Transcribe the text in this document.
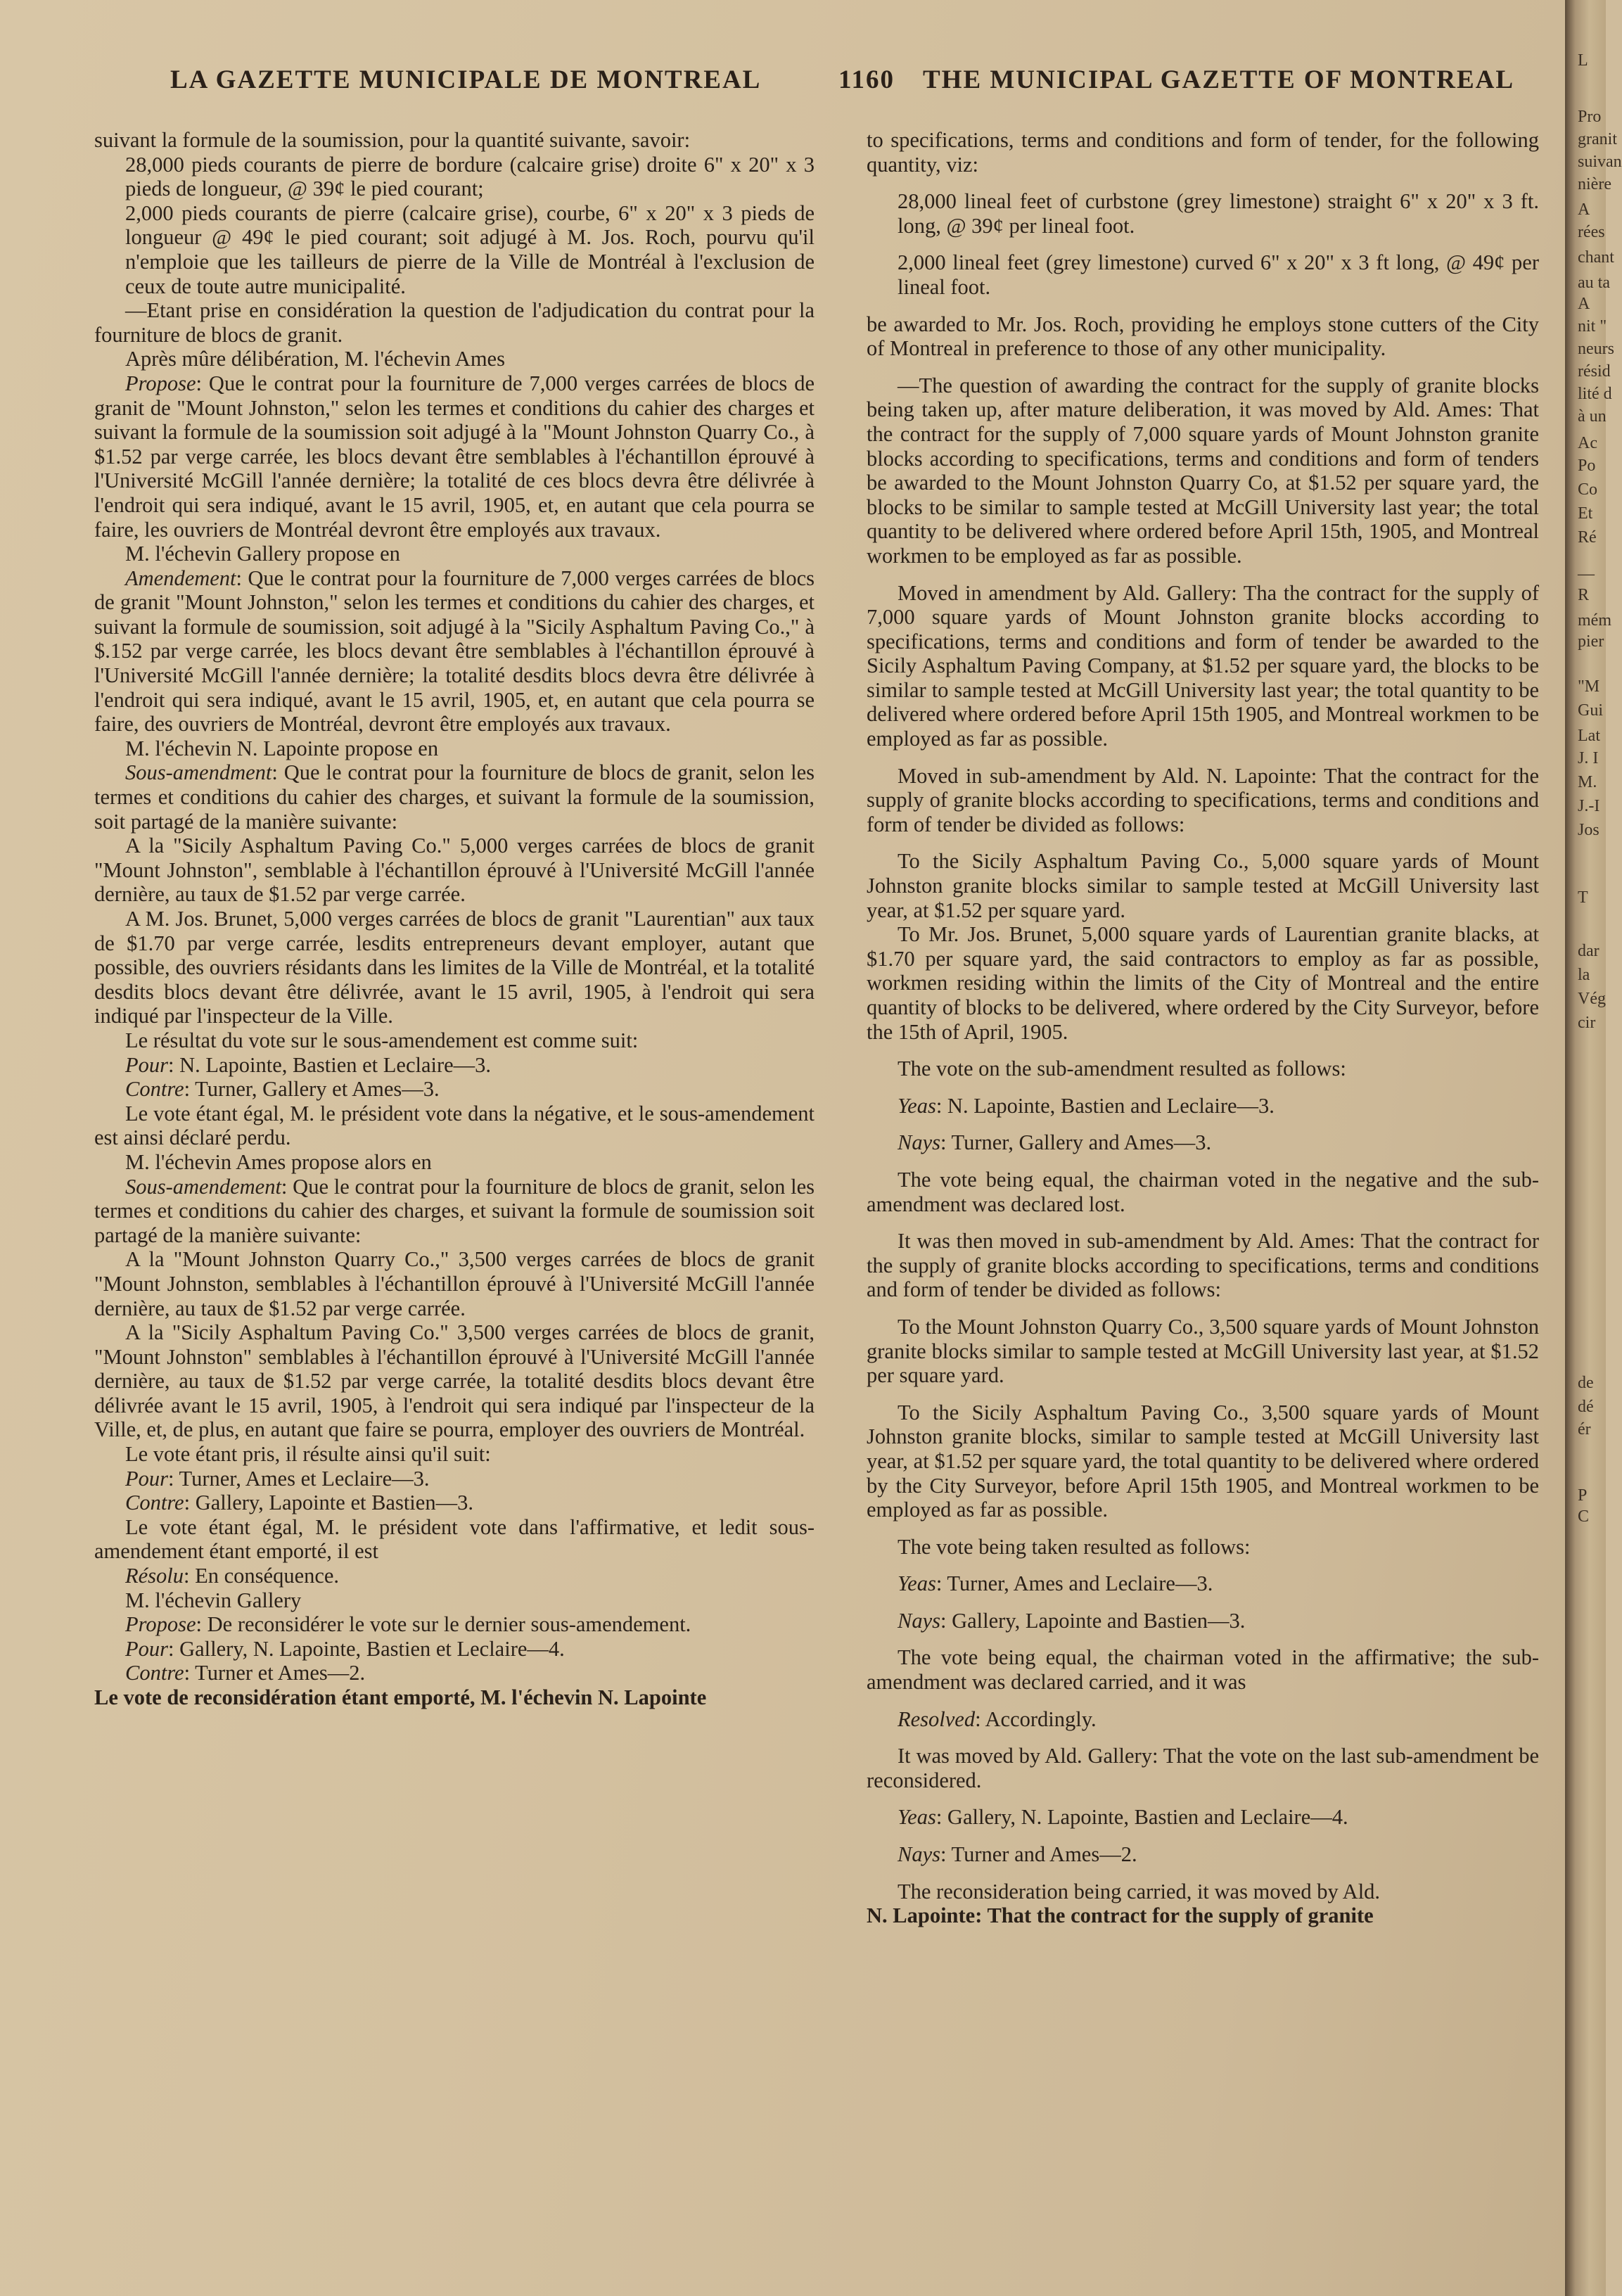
LA GAZETTE MUNICIPALE DE MONTREAL	1160 THE MUNICIPAL GAZETTE OF MONTREAL

suivant la formule de la soumission, pour la quantité suivante, savoir:

28,000 pieds courants de pierre de bordure (calcaire grise) droite 6" x 20" x 3 pieds de longueur, @ 39¢ le pied courant;

2,000 pieds courants de pierre (calcaire grise), courbe, 6" x 20" x 3 pieds de longueur @ 49¢ le pied courant; soit adjugé à M. Jos. Roch, pourvu qu'il n'emploie que les tailleurs de pierre de la Ville de Montréal à l'exclusion de ceux de toute autre municipalité.

—Etant prise en considération la question de l'adjudication du contrat pour la fourniture de blocs de granit.

Après mûre délibération, M. l'échevin Ames

Propose: Que le contrat pour la fourniture de 7,000 verges carrées de blocs de granit de "Mount Johnston," selon les termes et conditions du cahier des charges et suivant la formule de la soumission soit adjugé à la "Mount Johnston Quarry Co., à $1.52 par verge carrée, les blocs devant être semblables à l'échantillon éprouvé à l'Université McGill l'année dernière; la totalité de ces blocs devra être délivrée à l'endroit qui sera indiqué, avant le 15 avril, 1905, et, en autant que cela pourra se faire, les ouvriers de Montréal devront être employés aux travaux.

M. l'échevin Gallery propose en

Amendement: Que le contrat pour la fourniture de 7,000 verges carrées de blocs de granit "Mount Johnston," selon les termes et conditions du cahier des charges, et suivant la formule de soumission, soit adjugé à la "Sicily Asphaltum Paving Co.," à $.152 par verge carrée, les blocs devant être semblables à l'échantillon éprouvé à l'Université McGill l'année dernière; la totalité desdits blocs devra être délivrée à l'endroit qui sera indiqué, avant le 15 avril, 1905, et, en autant que cela pourra se faire, des ouvriers de Montréal, devront être employés aux travaux.

M. l'échevin N. Lapointe propose en

Sous-amendment: Que le contrat pour la fourniture de blocs de granit, selon les termes et conditions du cahier des charges, et suivant la formule de la soumission, soit partagé de la manière suivante:

A la "Sicily Asphaltum Paving Co." 5,000 verges carrées de blocs de granit "Mount Johnston", semblable à l'échantillon éprouvé à l'Université McGill l'année dernière, au taux de $1.52 par verge carrée.

A M. Jos. Brunet, 5,000 verges carrées de blocs de granit "Laurentian" aux taux de $1.70 par verge carrée, lesdits entrepreneurs devant employer, autant que possible, des ouvriers résidants dans les limites de la Ville de Montréal, et la totalité desdits blocs devant être délivrée, avant le 15 avril, 1905, à l'endroit qui sera indiqué par l'inspecteur de la Ville.

Le résultat du vote sur le sous-amendement est comme suit:

Pour: N. Lapointe, Bastien et Leclaire—3.

Contre: Turner, Gallery et Ames—3.

Le vote étant égal, M. le président vote dans la négative, et le sous-amendement est ainsi déclaré perdu.

M. l'échevin Ames propose alors en

Sous-amendement: Que le contrat pour la fourniture de blocs de granit, selon les termes et conditions du cahier des charges, et suivant la formule de soumission soit partagé de la manière suivante:

A la "Mount Johnston Quarry Co.," 3,500 verges carrées de blocs de granit "Mount Johnston, semblables à l'échantillon éprouvé à l'Université McGill l'année dernière, au taux de $1.52 par verge carrée.

A la "Sicily Asphaltum Paving Co." 3,500 verges carrées de blocs de granit, "Mount Johnston" semblables à l'échantillon éprouvé à l'Université McGill l'année dernière, au taux de $1.52 par verge carrée, la totalité desdits blocs devant être délivrée avant le 15 avril, 1905, à l'endroit qui sera indiqué par l'inspecteur de la Ville, et, de plus, en autant que faire se pourra, employer des ouvriers de Montréal.

Le vote étant pris, il résulte ainsi qu'il suit:

Pour: Turner, Ames et Leclaire—3.

Contre: Gallery, Lapointe et Bastien—3.

Le vote étant égal, M. le président vote dans l'affirmative, et ledit sous-amendement étant emporté, il est

Résolu: En conséquence.

M. l'échevin Gallery

Propose: De reconsidérer le vote sur le dernier sous-amendement.

Pour: Gallery, N. Lapointe, Bastien et Leclaire—4.

Contre: Turner et Ames—2.

Le vote de reconsidération étant emporté, M. l'échevin N. Lapointe

to specifications, terms and conditions and form of tender, for the following quantity, viz:

28,000 lineal feet of curbstone (grey limestone) straight 6" x 20" x 3 ft. long, @ 39¢ per lineal foot.

2,000 lineal feet (grey limestone) curved 6" x 20" x 3 ft long, @ 49¢ per lineal foot.

be awarded to Mr. Jos. Roch, providing he employs stone cutters of the City of Montreal in preference to those of any other municipality.

—The question of awarding the contract for the supply of granite blocks being taken up, after mature deliberation, it was moved by Ald. Ames: That the contract for the supply of 7,000 square yards of Mount Johnston granite blocks according to specifications, terms and conditions and form of tenders be awarded to the Mount Johnston Quarry Co, at $1.52 per square yard, the blocks to be similar to sample tested at McGill University last year; the total quantity to be delivered where ordered before April 15th, 1905, and Montreal workmen to be employed as far as possible.

Moved in amendment by Ald. Gallery: Tha the contract for the supply of 7,000 square yards of Mount Johnston granite blocks according to specifications, terms and conditions and form of tender be awarded to the Sicily Asphaltum Paving Company, at $1.52 per square yard, the blocks to be similar to sample tested at McGill University last year; the total quantity to be delivered where ordered before April 15th 1905, and Montreal workmen to be employed as far as possible.

Moved in sub-amendment by Ald. N. Lapointe: That the contract for the supply of granite blocks according to specifications, terms and conditions and form of tender be divided as follows:

To the Sicily Asphaltum Paving Co., 5,000 square yards of Mount Johnston granite blocks similar to sample tested at McGill University last year, at $1.52 per square yard.

To Mr. Jos. Brunet, 5,000 square yards of Laurentian granite blacks, at $1.70 per square yard, the said contractors to employ as far as possible, workmen residing within the limits of the City of Montreal and the entire quantity of blocks to be delivered, where ordered by the City Surveyor, before the 15th of April, 1905.

The vote on the sub-amendment resulted as follows:

Yeas: N. Lapointe, Bastien and Leclaire—3.

Nays: Turner, Gallery and Ames—3.

The vote being equal, the chairman voted in the negative and the sub-amendment was declared lost.

It was then moved in sub-amendment by Ald. Ames: That the contract for the supply of granite blocks according to specifications, terms and conditions and form of tender be divided as follows:

To the Mount Johnston Quarry Co., 3,500 square yards of Mount Johnston granite blocks similar to sample tested at McGill University last year, at $1.52 per square yard.

To the Sicily Asphaltum Paving Co., 3,500 square yards of Mount Johnston granite blocks, similar to sample tested at McGill University last year, at $1.52 per square yard, the total quantity to be delivered where ordered by the City Surveyor, before April 15th 1905, and Montreal workmen to be employed as far as possible.

The vote being taken resulted as follows:

Yeas: Turner, Ames and Leclaire—3.

Nays: Gallery, Lapointe and Bastien—3.

The vote being equal, the chairman voted in the affirmative; the sub-amendment was declared carried, and it was

Resolved: Accordingly.

It was moved by Ald. Gallery: That the vote on the last sub-amendment be reconsidered.

Yeas: Gallery, N. Lapointe, Bastien and Leclaire—4.

Nays: Turner and Ames—2.

The reconsideration being carried, it was moved by Ald.

N. Lapointe: That the contract for the supply of granite

L
Pro
granit
suivan
nière
A
rées
chant
au ta
A
nit "
neurs
résid
lité d
à un
Ac
Po
Co
Et
Ré
—
R
mém
pier
"M
Gui
Lat
J. I
M.
J.-I
Jos
T
dar
la
Vég
cir
de
dé
ér
P
C
